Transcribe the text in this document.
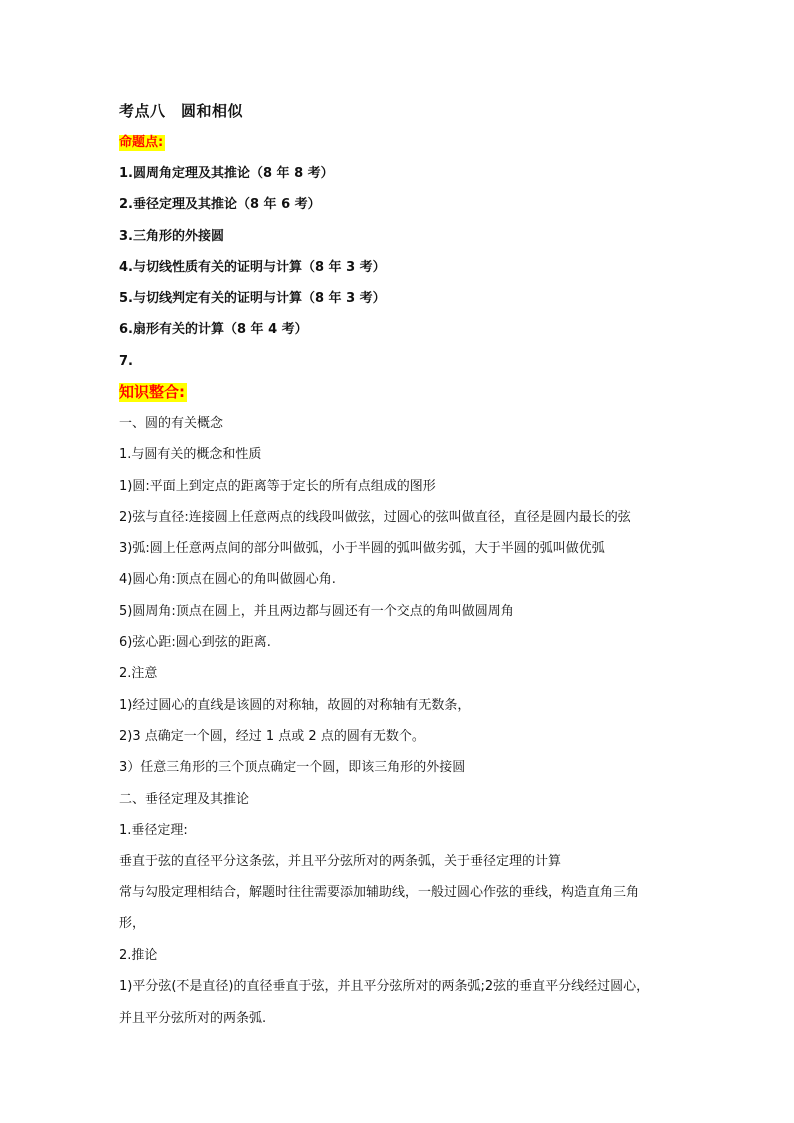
考点八　圆和相似
命题点:
1.圆周角定理及其推论（8 年 8 考）
2.垂径定理及其推论（8 年 6 考）
3.三角形的外接圆
4.与切线性质有关的证明与计算（8 年 3 考）
5.与切线判定有关的证明与计算（8 年 3 考）
6.扇形有关的计算（8 年 4 考）
7.
知识整合:
一、圆的有关概念
1.与圆有关的概念和性质
1)圆:平面上到定点的距离等于定长的所有点组成的图形
2)弦与直径:连接圆上任意两点的线段叫做弦，过圆心的弦叫做直径，直径是圆内最长的弦
3)弧:圆上任意两点间的部分叫做弧，小于半圆的弧叫做劣弧，大于半圆的弧叫做优弧
4)圆心角:顶点在圆心的角叫做圆心角.
5)圆周角:顶点在圆上，并且两边都与圆还有一个交点的角叫做圆周角
6)弦心距:圆心到弦的距离.
2.注意
1)经过圆心的直线是该圆的对称轴，故圆的对称轴有无数条，
2)3 点确定一个圆，经过 1 点或 2 点的圆有无数个。
3）任意三角形的三个顶点确定一个圆，即该三角形的外接圆
二、垂径定理及其推论
1.垂径定理:
垂直于弦的直径平分这条弦，并且平分弦所对的两条弧，关于垂径定理的计算
常与勾股定理相结合，解题时往往需要添加辅助线，一般过圆心作弦的垂线，构造直角三角
形，
2.推论
1)平分弦(不是直径)的直径垂直于弦，并且平分弦所对的两条弧;2弦的垂直平分线经过圆心，
并且平分弦所对的两条弧.
